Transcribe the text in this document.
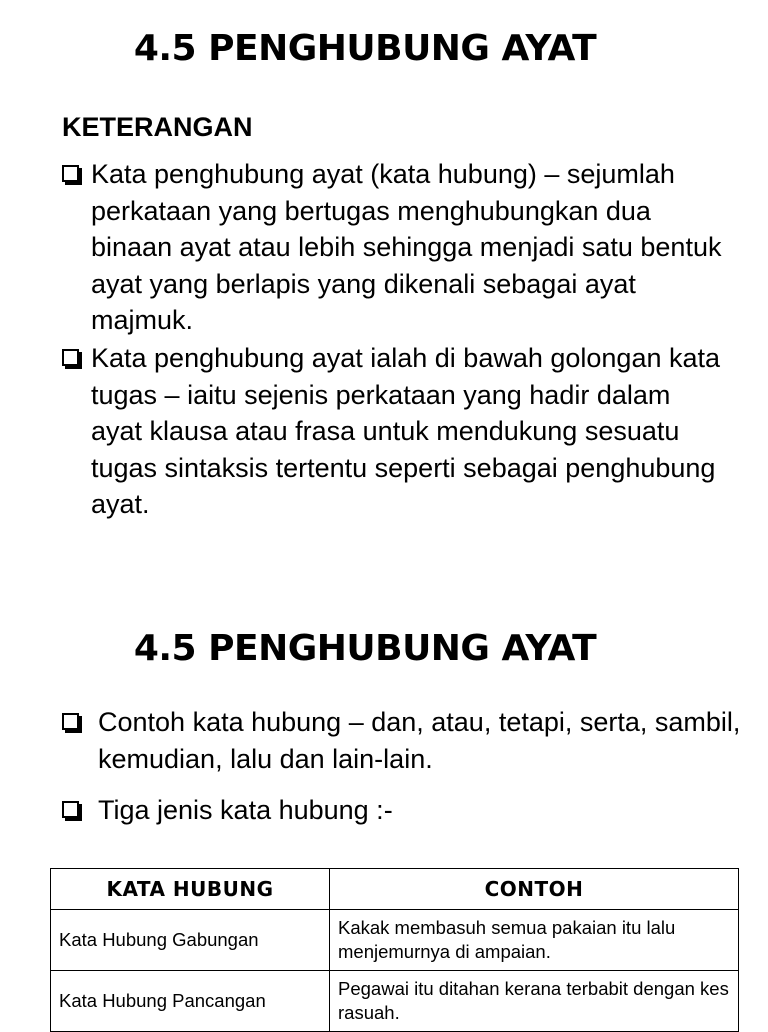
4.5 PENGHUBUNG AYAT
KETERANGAN
Kata penghubung ayat (kata hubung) – sejumlah perkataan yang bertugas menghubungkan dua binaan ayat atau lebih sehingga menjadi satu bentuk ayat yang berlapis yang dikenali sebagai ayat majmuk.
Kata penghubung ayat ialah di bawah golongan kata tugas – iaitu sejenis perkataan yang hadir dalam ayat klausa atau frasa untuk mendukung sesuatu tugas sintaksis tertentu seperti sebagai penghubung ayat.
4.5 PENGHUBUNG AYAT
Contoh kata hubung – dan, atau, tetapi, serta, sambil, kemudian, lalu dan lain-lain.
Tiga jenis kata hubung :-
KATA HUBUNG	CONTOH
Kata Hubung Gabungan	Kakak membasuh semua pakaian itu lalu menjemurnya di ampaian.
Kata Hubung Pancangan	Pegawai itu ditahan kerana terbabit dengan kes rasuah.
